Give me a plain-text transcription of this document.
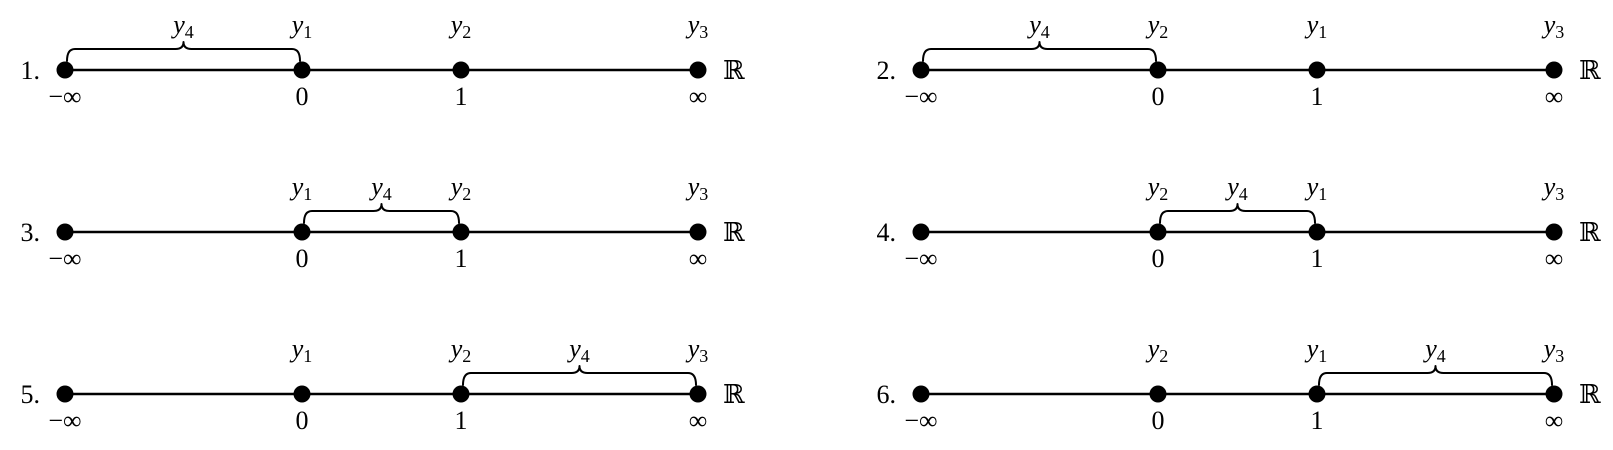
1.
−∞	0	1	∞
ℝ
y1	y2	y3
y4
2.
−∞	0	1	∞
ℝ
y2	y1	y3
y4
3.
−∞	0	1	∞
ℝ
y1	y2	y3
y4
4.
−∞	0	1	∞
ℝ
y2	y1	y3
y4
5.
−∞	0	1	∞
ℝ
y1	y2	y3
y4
6.
−∞	0	1	∞
ℝ
y2	y1	y3
y4
